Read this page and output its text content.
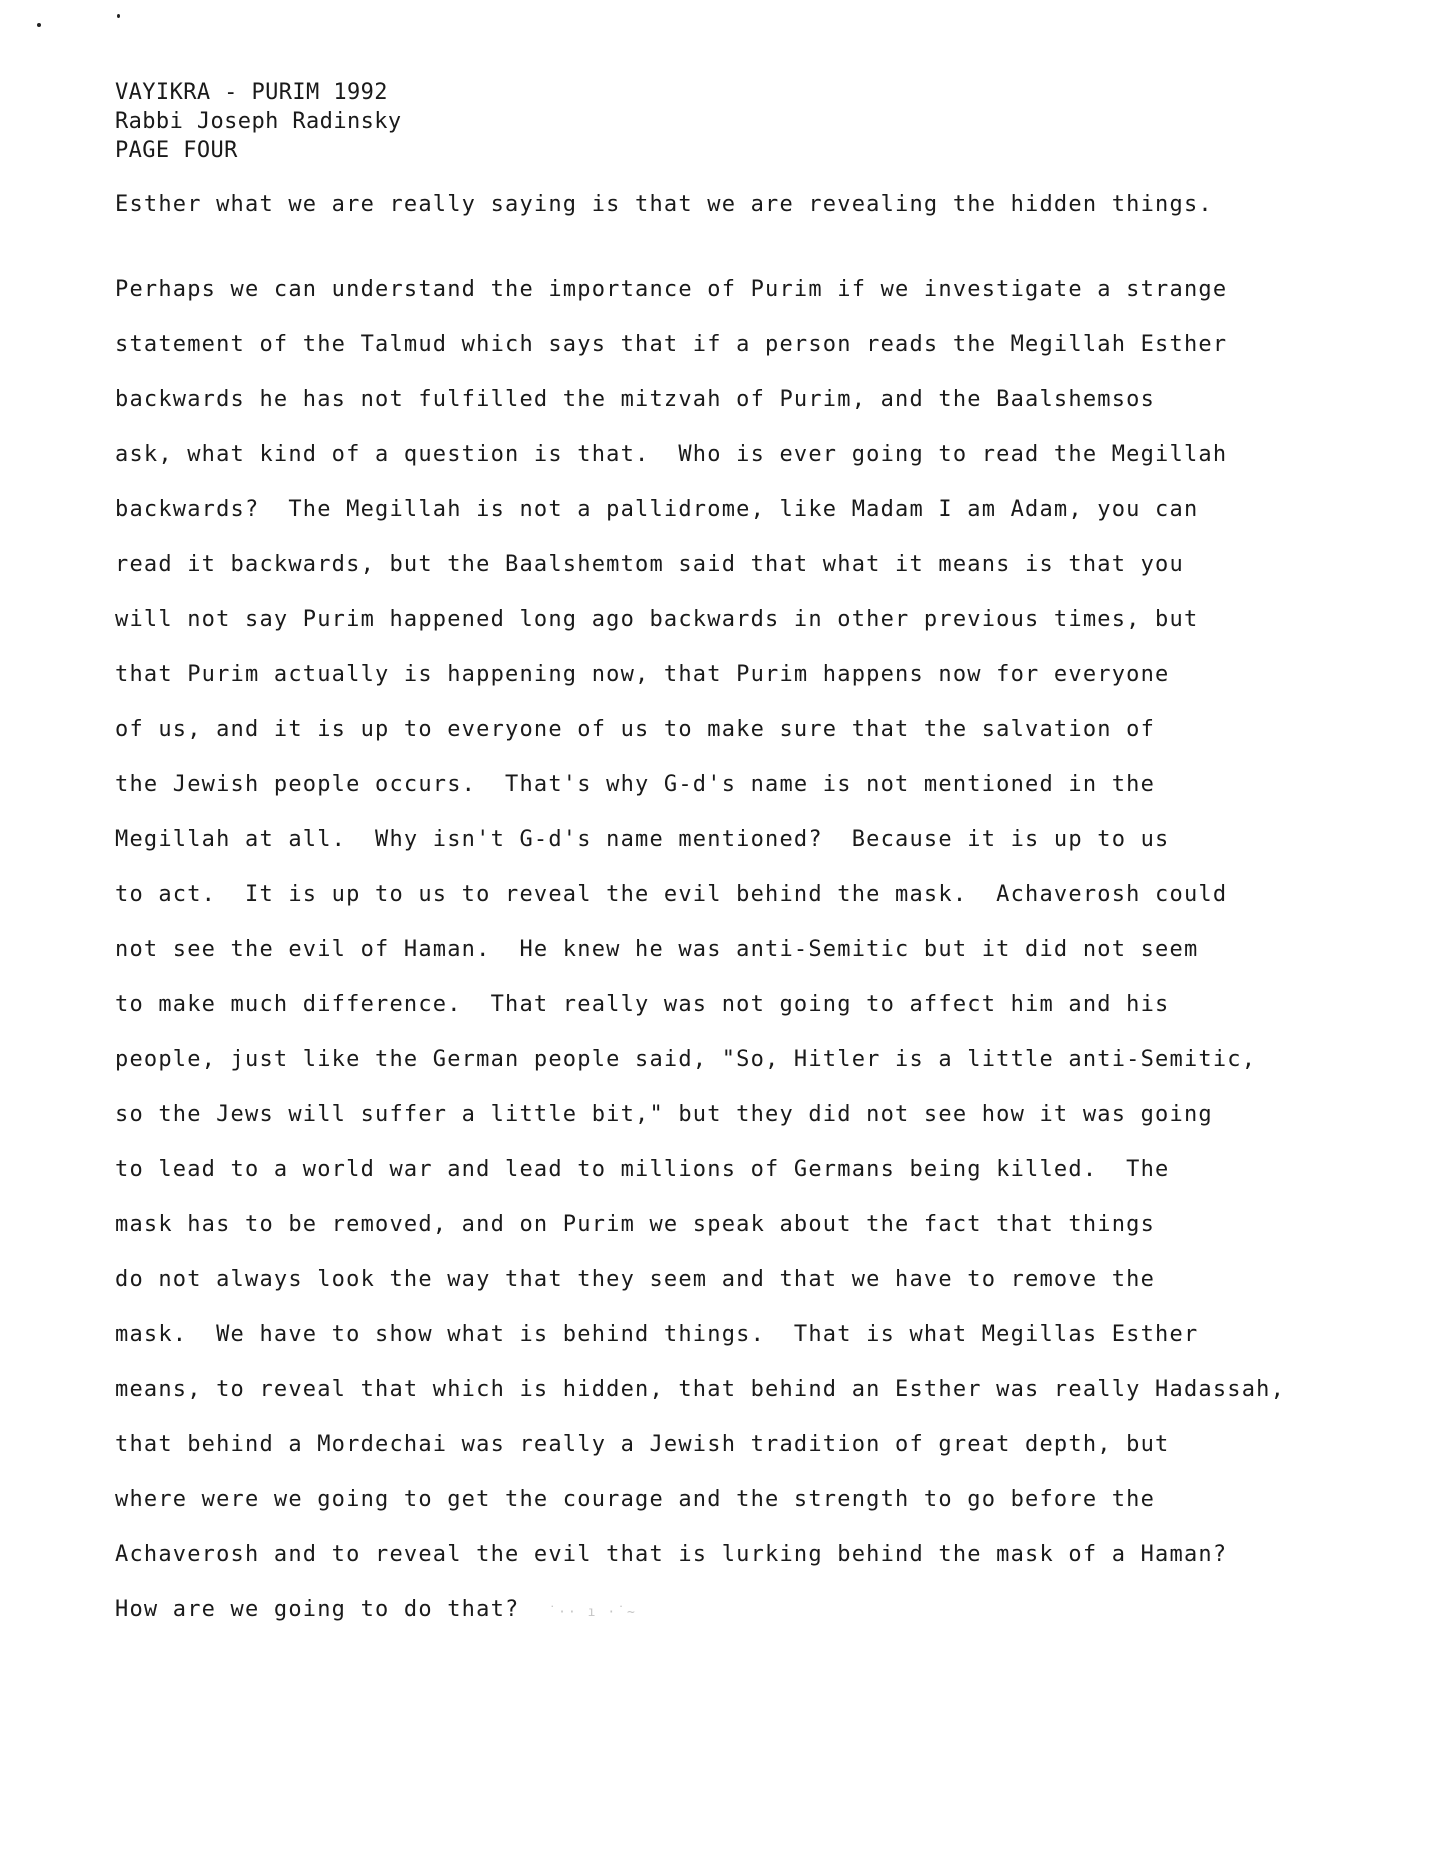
VAYIKRA - PURIM 1992
Rabbi Joseph Radinsky
PAGE FOUR
Esther what we are really saying is that we are revealing the hidden things.
Perhaps we can understand the importance of Purim if we investigate a strange
statement of the Talmud which says that if a person reads the Megillah Esther
backwards he has not fulfilled the mitzvah of Purim, and the Baalshemsos
ask, what kind of a question is that.  Who is ever going to read the Megillah
backwards?  The Megillah is not a pallidrome, like Madam I am Adam, you can
read it backwards, but the Baalshemtom said that what it means is that you
will not say Purim happened long ago backwards in other previous times, but
that Purim actually is happening now, that Purim happens now for everyone
of us, and it is up to everyone of us to make sure that the salvation of
the Jewish people occurs.  That's why G-d's name is not mentioned in the
Megillah at all.  Why isn't G-d's name mentioned?  Because it is up to us
to act.  It is up to us to reveal the evil behind the mask.  Achaverosh could
not see the evil of Haman.  He knew he was anti-Semitic but it did not seem
to make much difference.  That really was not going to affect him and his
people, just like the German people said, "So, Hitler is a little anti-Semitic,
so the Jews will suffer a little bit," but they did not see how it was going
to lead to a world war and lead to millions of Germans being killed.  The
mask has to be removed, and on Purim we speak about the fact that things
do not always look the way that they seem and that we have to remove the
mask.  We have to show what is behind things.  That is what Megillas Esther
means, to reveal that which is hidden, that behind an Esther was really Hadassah,
that behind a Mordechai was really a Jewish tradition of great depth, but
where were we going to get the courage and the strength to go before the
Achaverosh and to reveal the evil that is lurking behind the mask of a Haman?
How are we going to do that? ˙·· ı ·˙~
